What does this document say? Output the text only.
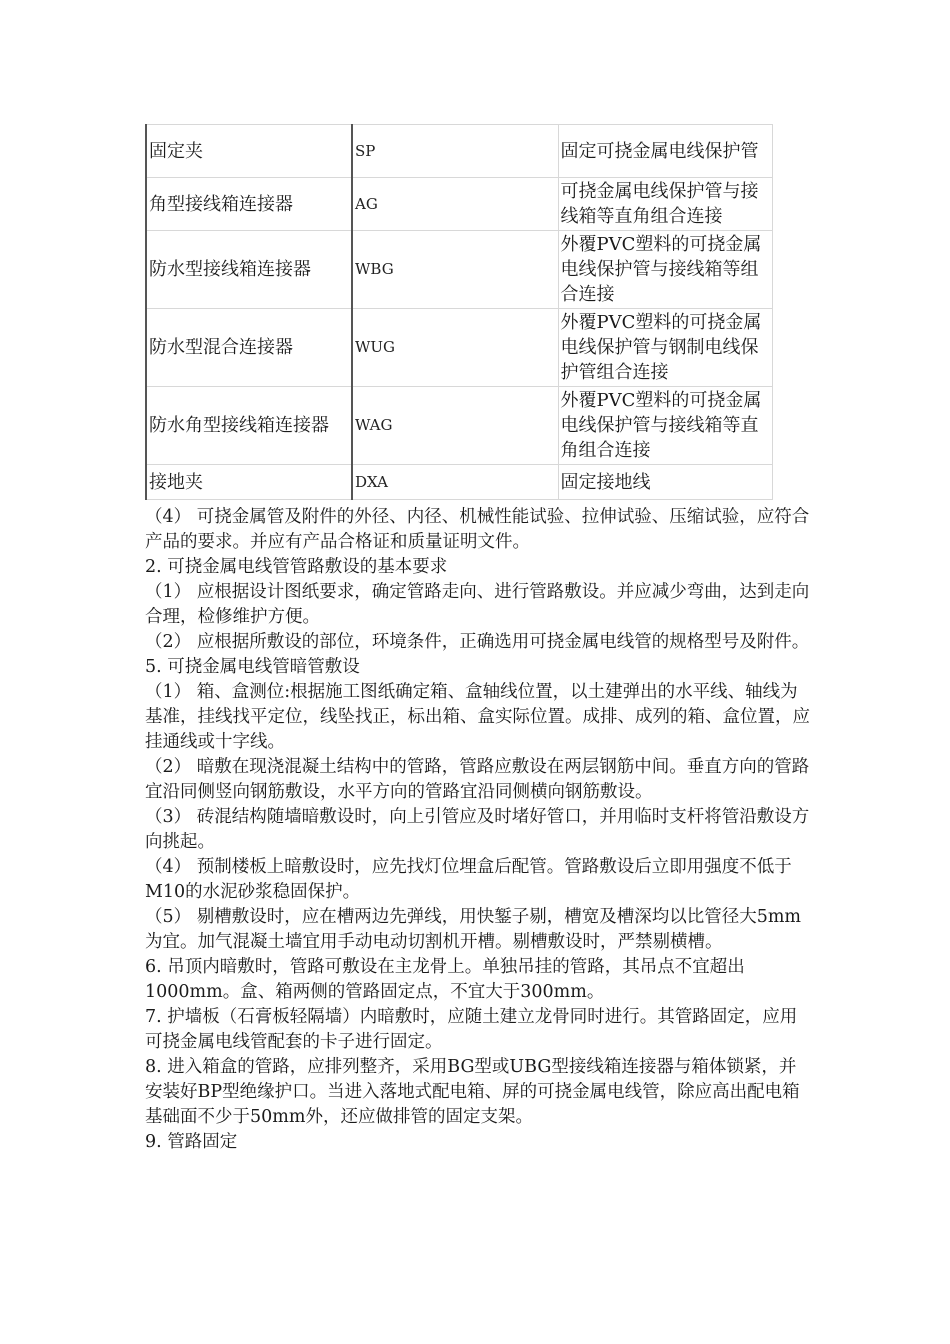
固定夹	SP	固定可挠金属电线保护管
角型接线箱连接器	AG	可挠金属电线保护管与接线箱等直角组合连接
防水型接线箱连接器	WBG	外覆PVC塑料的可挠金属电线保护管与接线箱等组合连接
防水型混合连接器	WUG	外覆PVC塑料的可挠金属电线保护管与钢制电线保护管组合连接
防水角型接线箱连接器	WAG	外覆PVC塑料的可挠金属电线保护管与接线箱等直角组合连接
接地夹	DXA	固定接地线

（4） 可挠金属管及附件的外径、内径、机械性能试验、拉伸试验、压缩试验，应符合产品的要求。并应有产品合格证和质量证明文件。

2. 可挠金属电线管管路敷设的基本要求

（1） 应根据设计图纸要求，确定管路走向、进行管路敷设。并应减少弯曲，达到走向合理，检修维护方便。

（2） 应根据所敷设的部位，环境条件，正确选用可挠金属电线管的规格型号及附件。

5. 可挠金属电线管暗管敷设

（1） 箱、盒测位:根据施工图纸确定箱、盒轴线位置，以土建弹出的水平线、轴线为基准，挂线找平定位，线坠找正，标出箱、盒实际位置。成排、成列的箱、盒位置，应挂通线或十字线。

（2） 暗敷在现浇混凝土结构中的管路，管路应敷设在两层钢筋中间。垂直方向的管路宜沿同侧竖向钢筋敷设，水平方向的管路宜沿同侧横向钢筋敷设。

（3） 砖混结构随墙暗敷设时，向上引管应及时堵好管口，并用临时支杆将管沿敷设方向挑起。

（4） 预制楼板上暗敷设时，应先找灯位埋盒后配管。管路敷设后立即用强度不低于M10的水泥砂浆稳固保护。

（5） 剔槽敷设时，应在槽两边先弹线，用快錾子剔，槽宽及槽深均以比管径大5mm为宜。加气混凝土墙宜用手动电动切割机开槽。剔槽敷设时，严禁剔横槽。

6. 吊顶内暗敷时，管路可敷设在主龙骨上。单独吊挂的管路，其吊点不宜超出1000mm。盒、箱两侧的管路固定点，不宜大于300mm。

7. 护墙板（石膏板轻隔墙）内暗敷时，应随土建立龙骨同时进行。其管路固定，应用可挠金属电线管配套的卡子进行固定。

8. 进入箱盒的管路，应排列整齐，采用BG型或UBG型接线箱连接器与箱体锁紧，并安装好BP型绝缘护口。当进入落地式配电箱、屏的可挠金属电线管，除应高出配电箱基础面不少于50mm外，还应做排管的固定支架。

9. 管路固定
